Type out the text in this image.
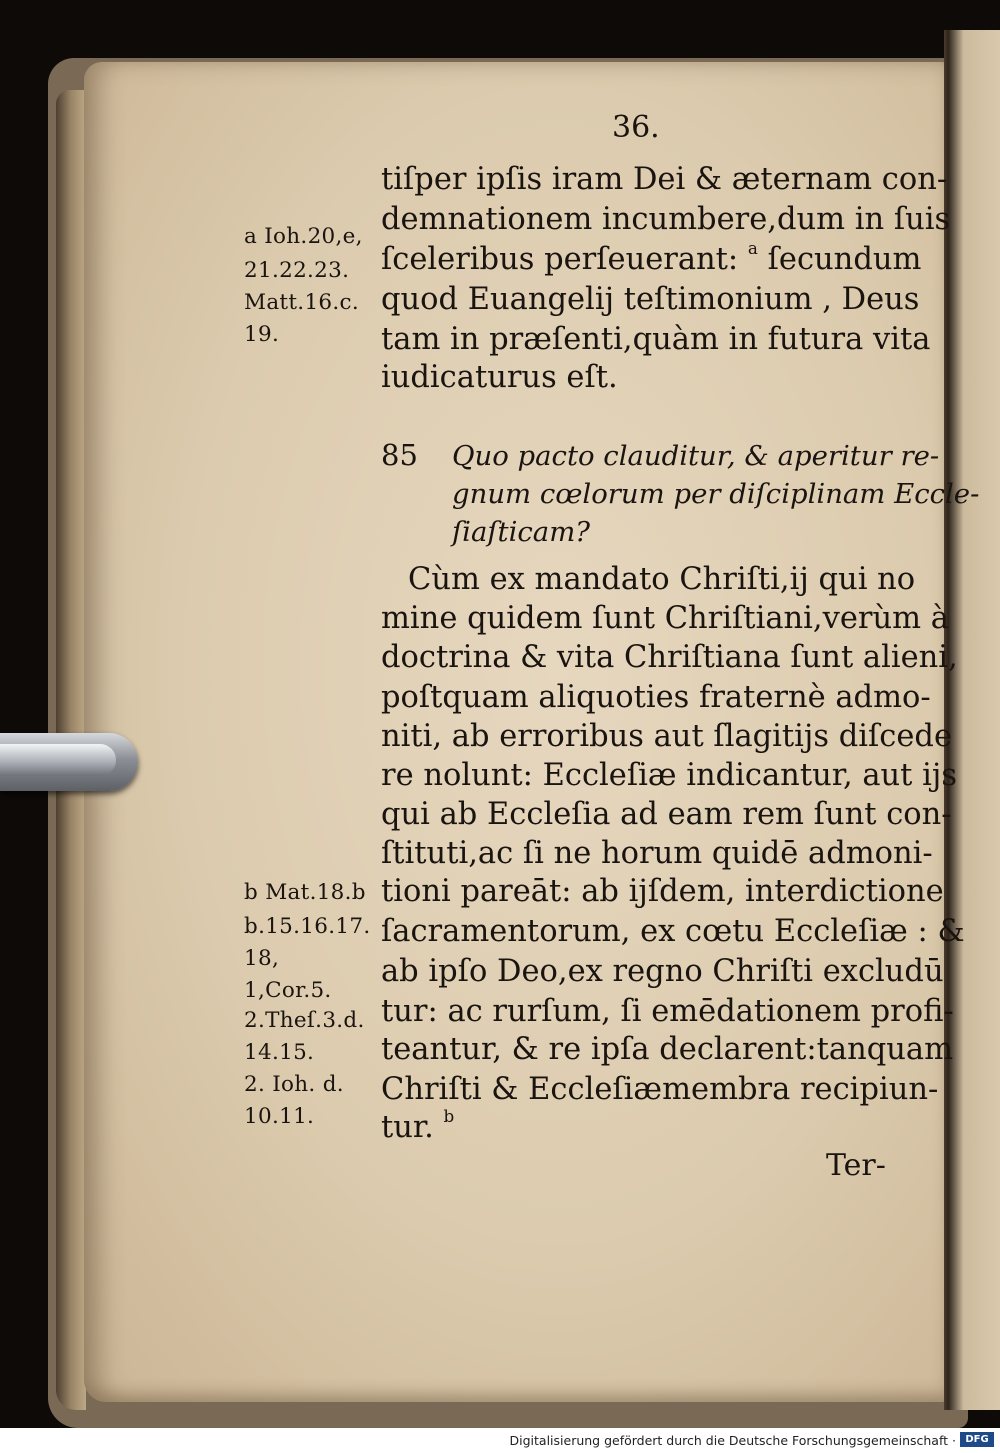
36.
tiſper ipſis iram Dei & æternam con-
demnationem incumbere,dum in ſuis
ſceleribus perſeuerant: $^a$ ſecundum
quod Euangelij teſtimonium , Deus
tam in præſenti,quàm in futura vita
iudicaturus eſt.
a Ioh.20,e,
21.22.23.
Matt.16.c.
19.
85 Quo pacto clauditur, & aperitur re-
gnum cœlorum per diſciplinam Eccle-
ſiaſticam?
Cùm ex mandato Chriſti,ij qui no
mine quidem ſunt Chriſtiani,verùm à
doctrina & vita Chriſtiana ſunt alieni,
poſtquam aliquoties fraternè admo-
niti, ab erroribus aut ſlagitijs diſcede
re nolunt: Eccleſiæ indicantur, aut ijs
qui ab Eccleſia ad eam rem ſunt con-
ſtituti,ac ſi ne horum quidē admoni-
tioni pareāt: ab ijſdem, interdictione
ſacramentorum, ex cœtu Eccleſiæ : &
ab ipſo Deo,ex regno Chriſti excludū
tur: ac rurſum, ſi emēdationem profi-
teantur, & re ipſa declarent:tanquam
Chriſti & Eccleſiæmembra recipiun-
tur. $^b$
b Mat.18.b
b.15.16.17.
18,
1,Cor.5.
2.Theſ.3.d.
14.15.
2. Ioh. d.
10.11.
Ter-
Digitalisierung gefördert durch die Deutsche Forschungsgemeinschaft · DFG
